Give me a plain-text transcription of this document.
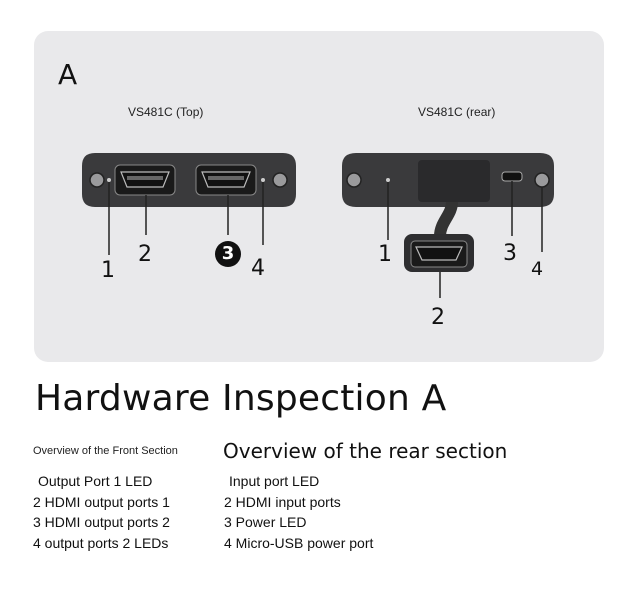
A
VS481C (Top)	VS481C (rear)
1
2	3
4
1
2
3
4
Hardware Inspection A
Overview of the Front Section Overview of the rear section
Output Port 1 LED
2 HDMI output ports 1
3 HDMI output ports 2
4 output ports 2 LEDs
Input port LED
2 HDMI input ports
3 Power LED
4 Micro-USB power port
